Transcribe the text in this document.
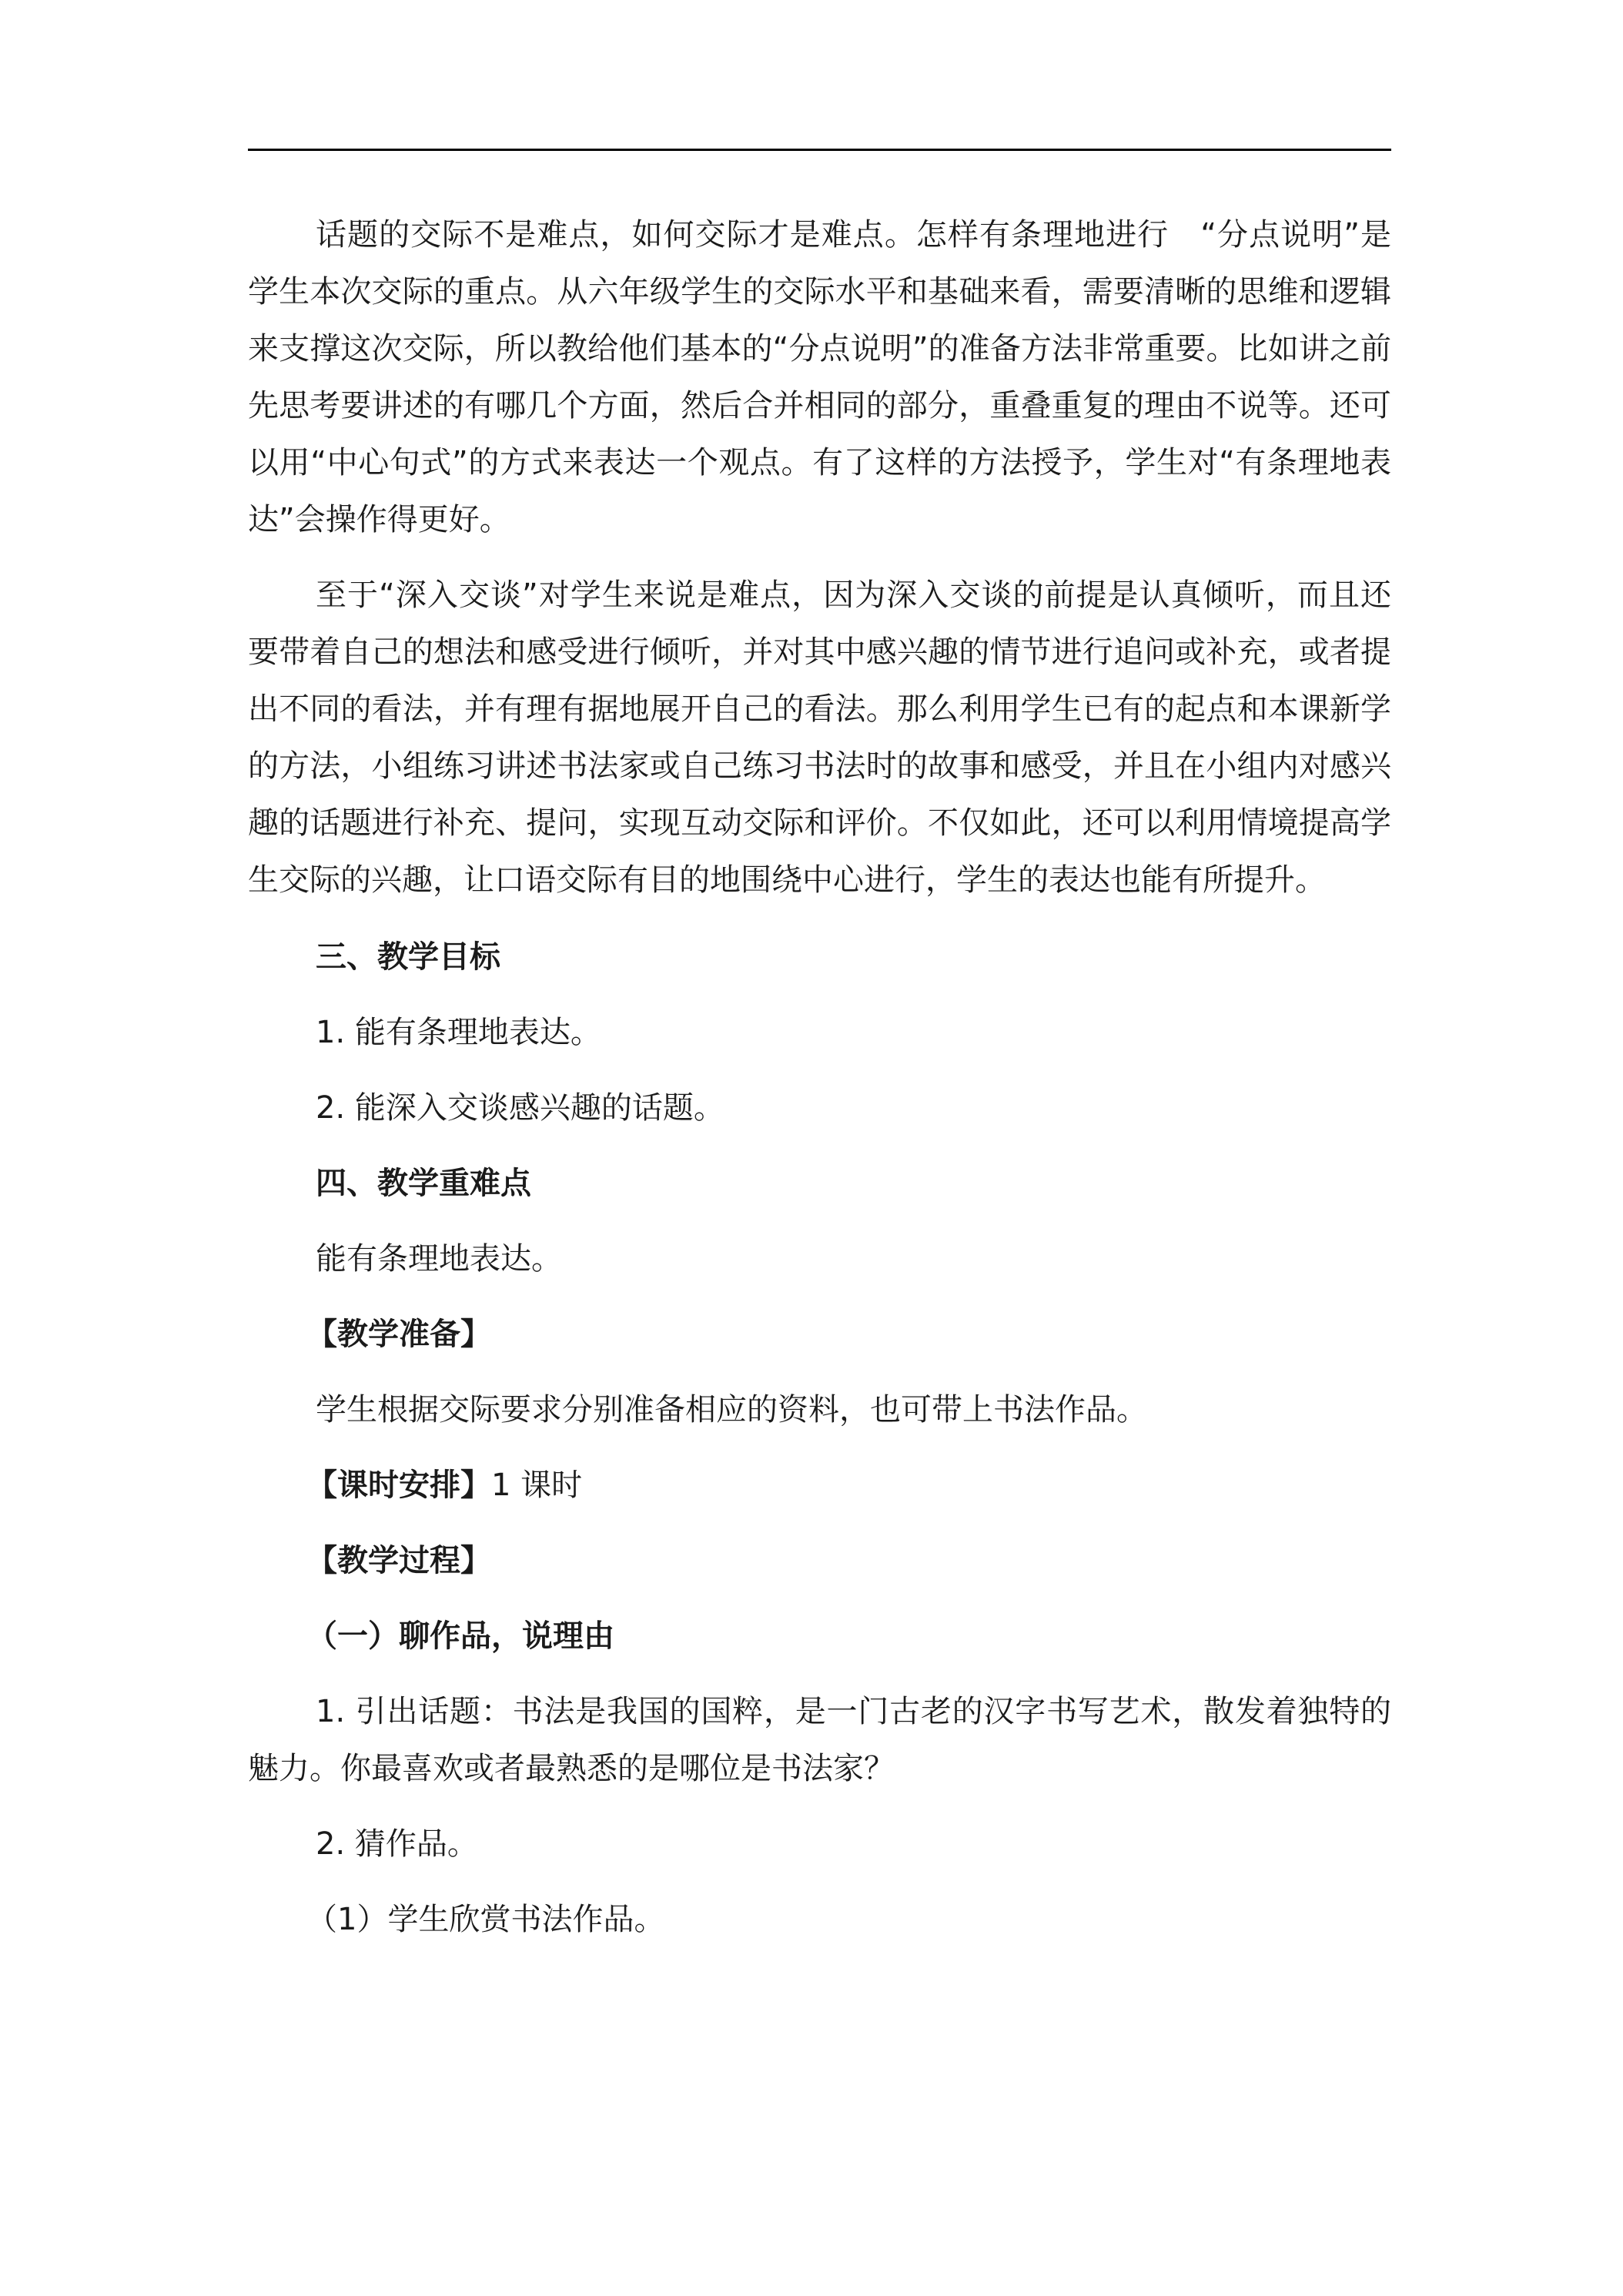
话题的交际不是难点，如何交际才是难点。怎样有条理地进行　“分点说明”是学生本次交际的重点。从六年级学生的交际水平和基础来看，需要清晰的思维和逻辑来支撑这次交际，所以教给他们基本的“分点说明”的准备方法非常重要。比如讲之前先思考要讲述的有哪几个方面，然后合并相同的部分，重叠重复的理由不说等。还可以用“中心句式”的方式来表达一个观点。有了这样的方法授予，学生对“有条理地表达”会操作得更好。

至于“深入交谈”对学生来说是难点，因为深入交谈的前提是认真倾听，而且还要带着自己的想法和感受进行倾听，并对其中感兴趣的情节进行追问或补充，或者提出不同的看法，并有理有据地展开自己的看法。那么利用学生已有的起点和本课新学的方法，小组练习讲述书法家或自己练习书法时的故事和感受，并且在小组内对感兴趣的话题进行补充、提问，实现互动交际和评价。不仅如此，还可以利用情境提高学生交际的兴趣，让口语交际有目的地围绕中心进行，学生的表达也能有所提升。

三、教学目标

1. 能有条理地表达。

2. 能深入交谈感兴趣的话题。

四、教学重难点

能有条理地表达。

【教学准备】

学生根据交际要求分别准备相应的资料，也可带上书法作品。

【课时安排】1 课时

【教学过程】

（一）聊作品，说理由

1. 引出话题：书法是我国的国粹，是一门古老的汉字书写艺术，散发着独特的魅力。你最喜欢或者最熟悉的是哪位是书法家？

2. 猜作品。

（1）学生欣赏书法作品。
